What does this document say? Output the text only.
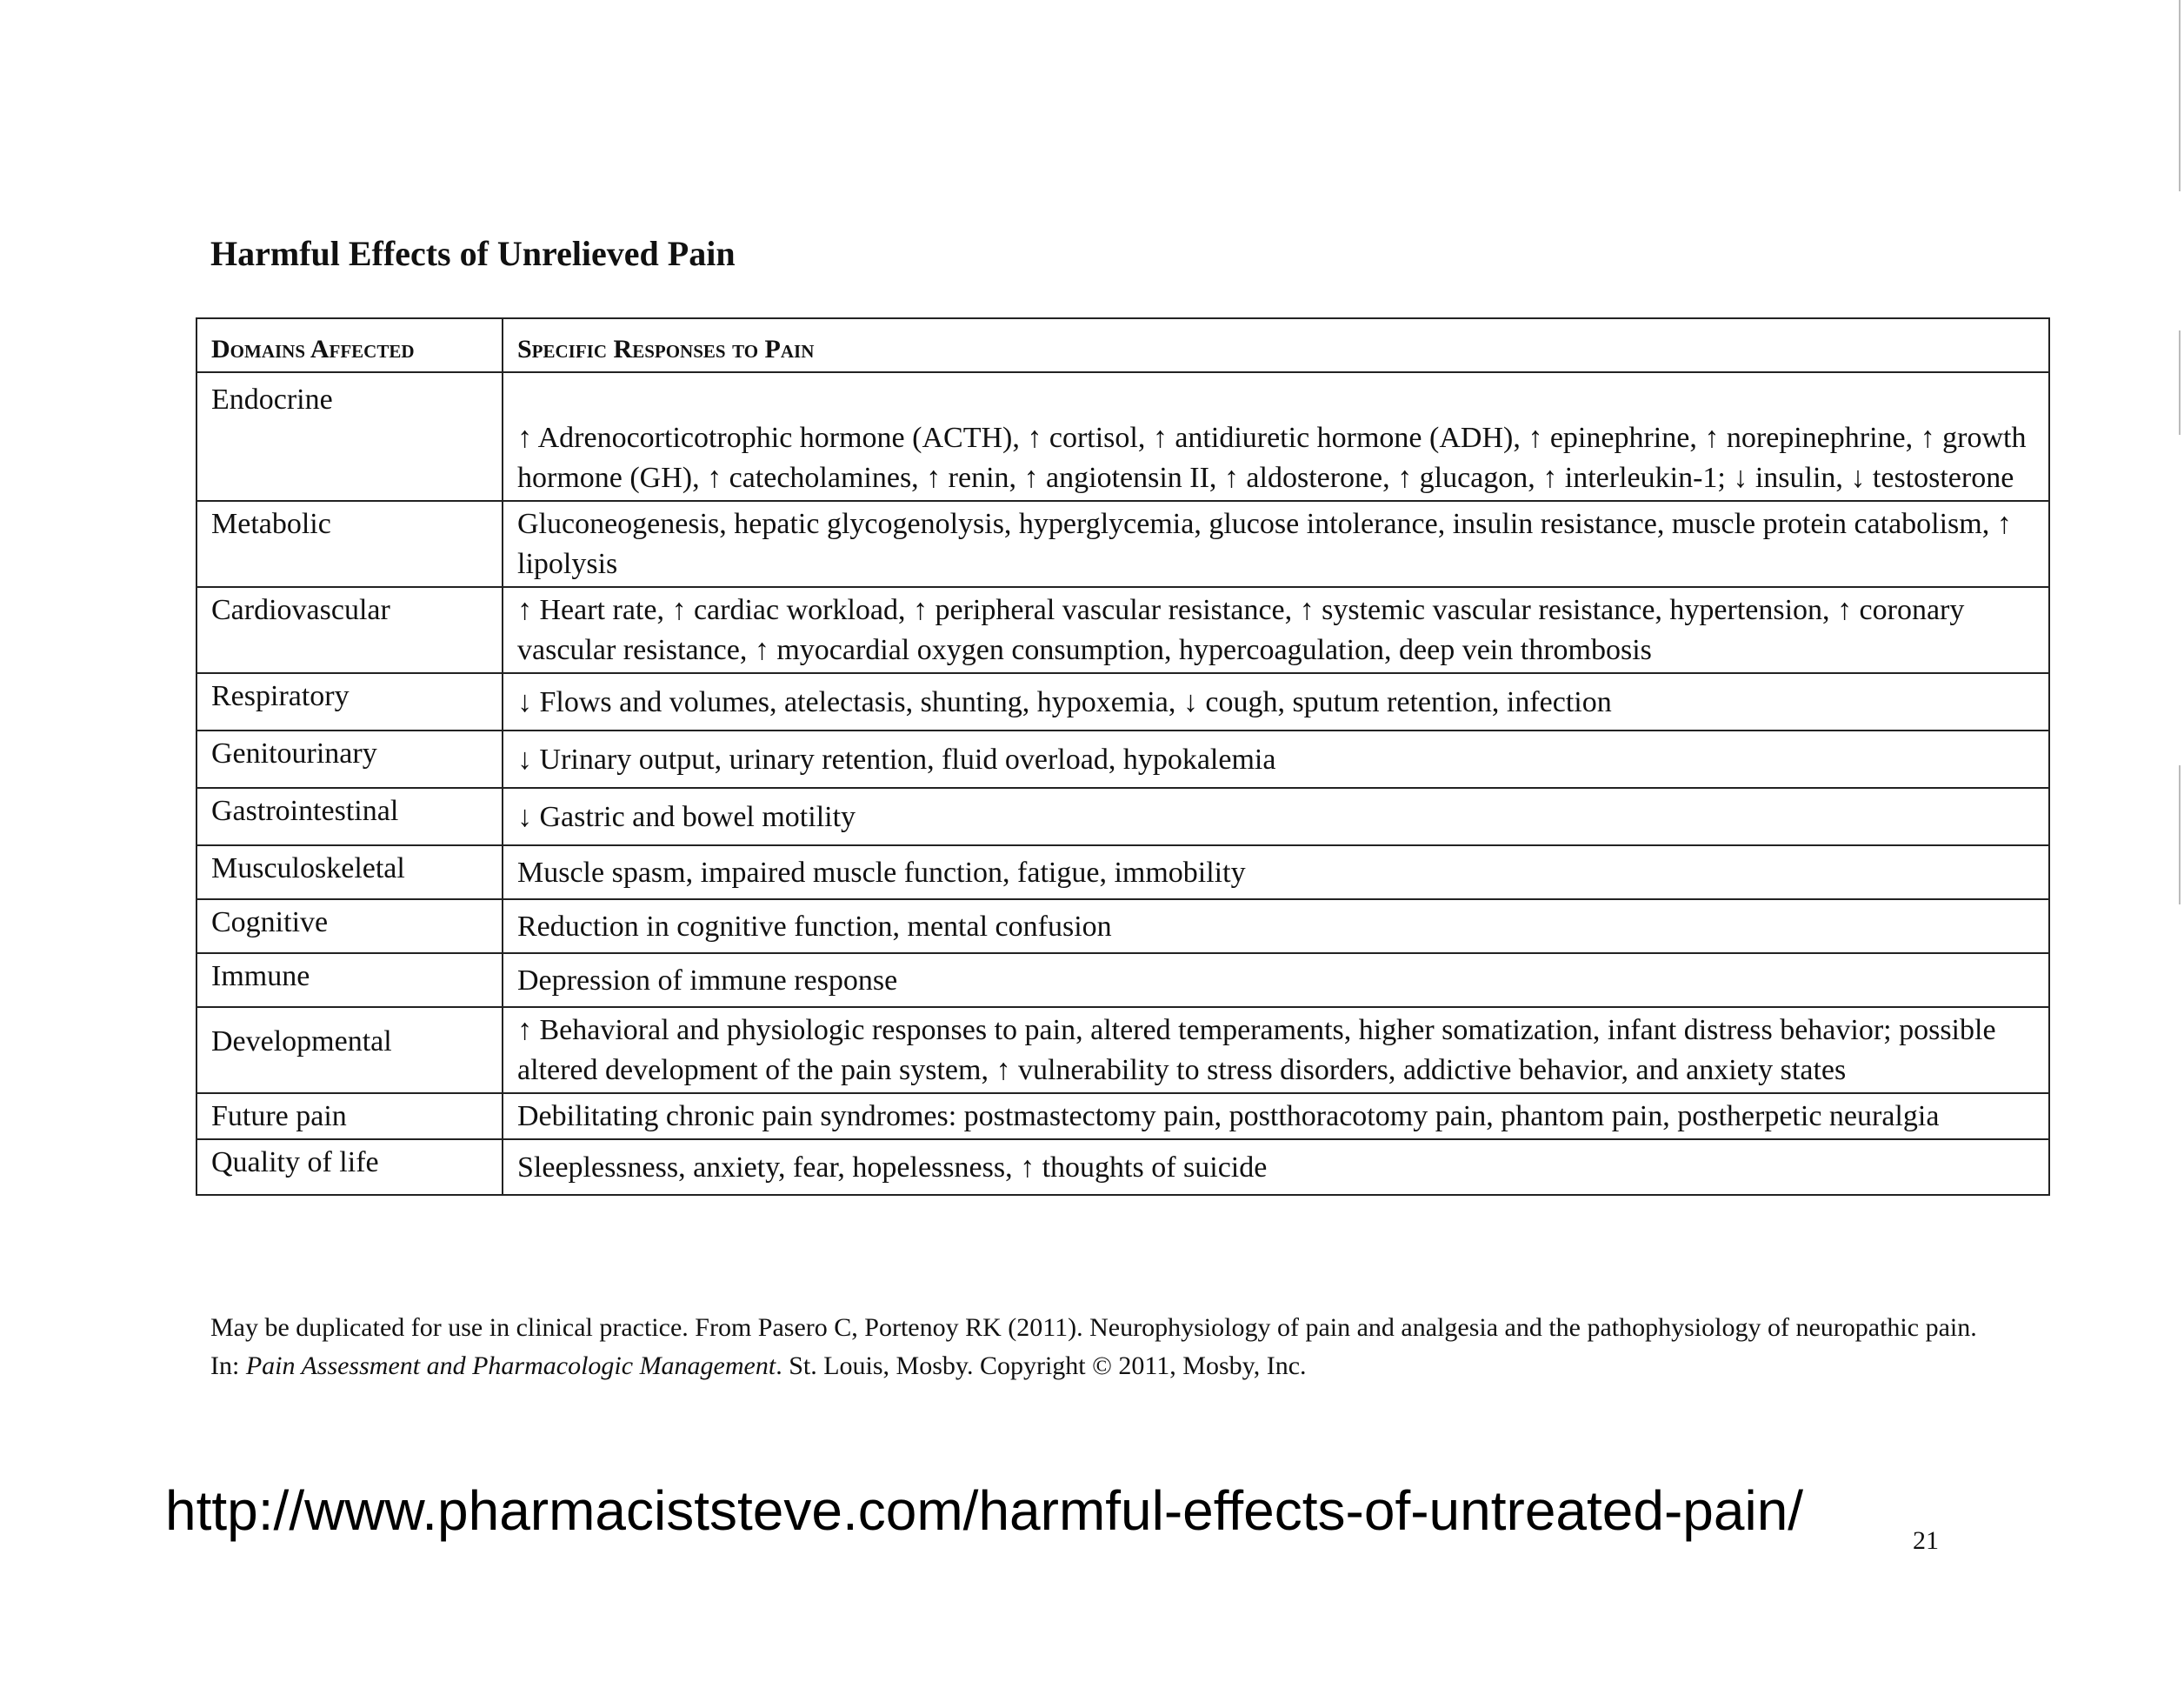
Harmful Effects of Unrelieved Pain
Domains Affected	Specific Responses to Pain
Endocrine	↑ Adrenocorticotrophic hormone (ACTH), ↑ cortisol, ↑ antidiuretic hormone (ADH), ↑ epinephrine, ↑ norepinephrine, ↑ growth hormone (GH), ↑ catecholamines, ↑ renin, ↑ angiotensin II, ↑ aldosterone, ↑ glucagon, ↑ interleukin-1; ↓ insulin, ↓ testosterone
Metabolic	Gluconeogenesis, hepatic glycogenolysis, hyperglycemia, glucose intolerance, insulin resistance, muscle protein catabolism, ↑ lipolysis
Cardiovascular	↑ Heart rate, ↑ cardiac workload, ↑ peripheral vascular resistance, ↑ systemic vascular resistance, hypertension, ↑ coronary vascular resistance, ↑ myocardial oxygen consumption, hypercoagulation, deep vein thrombosis
Respiratory	↓ Flows and volumes, atelectasis, shunting, hypoxemia, ↓ cough, sputum retention, infection
Genitourinary	↓ Urinary output, urinary retention, fluid overload, hypokalemia
Gastrointestinal	↓ Gastric and bowel motility
Musculoskeletal	Muscle spasm, impaired muscle function, fatigue, immobility
Cognitive	Reduction in cognitive function, mental confusion
Immune	Depression of immune response
Developmental	↑ Behavioral and physiologic responses to pain, altered temperaments, higher somatization, infant distress behavior; possible altered development of the pain system, ↑ vulnerability to stress disorders, addictive behavior, and anxiety states
Future pain	Debilitating chronic pain syndromes: postmastectomy pain, postthoracotomy pain, phantom pain, postherpetic neuralgia
Quality of life	Sleeplessness, anxiety, fear, hopelessness, ↑ thoughts of suicide
May be duplicated for use in clinical practice. From Pasero C, Portenoy RK (2011). Neurophysiology of pain and analgesia and the pathophysiology of neuropathic pain. In: Pain Assessment and Pharmacologic Management. St. Louis, Mosby. Copyright © 2011, Mosby, Inc.
http://www.pharmaciststeve.com/harmful-effects-of-untreated-pain/	21
